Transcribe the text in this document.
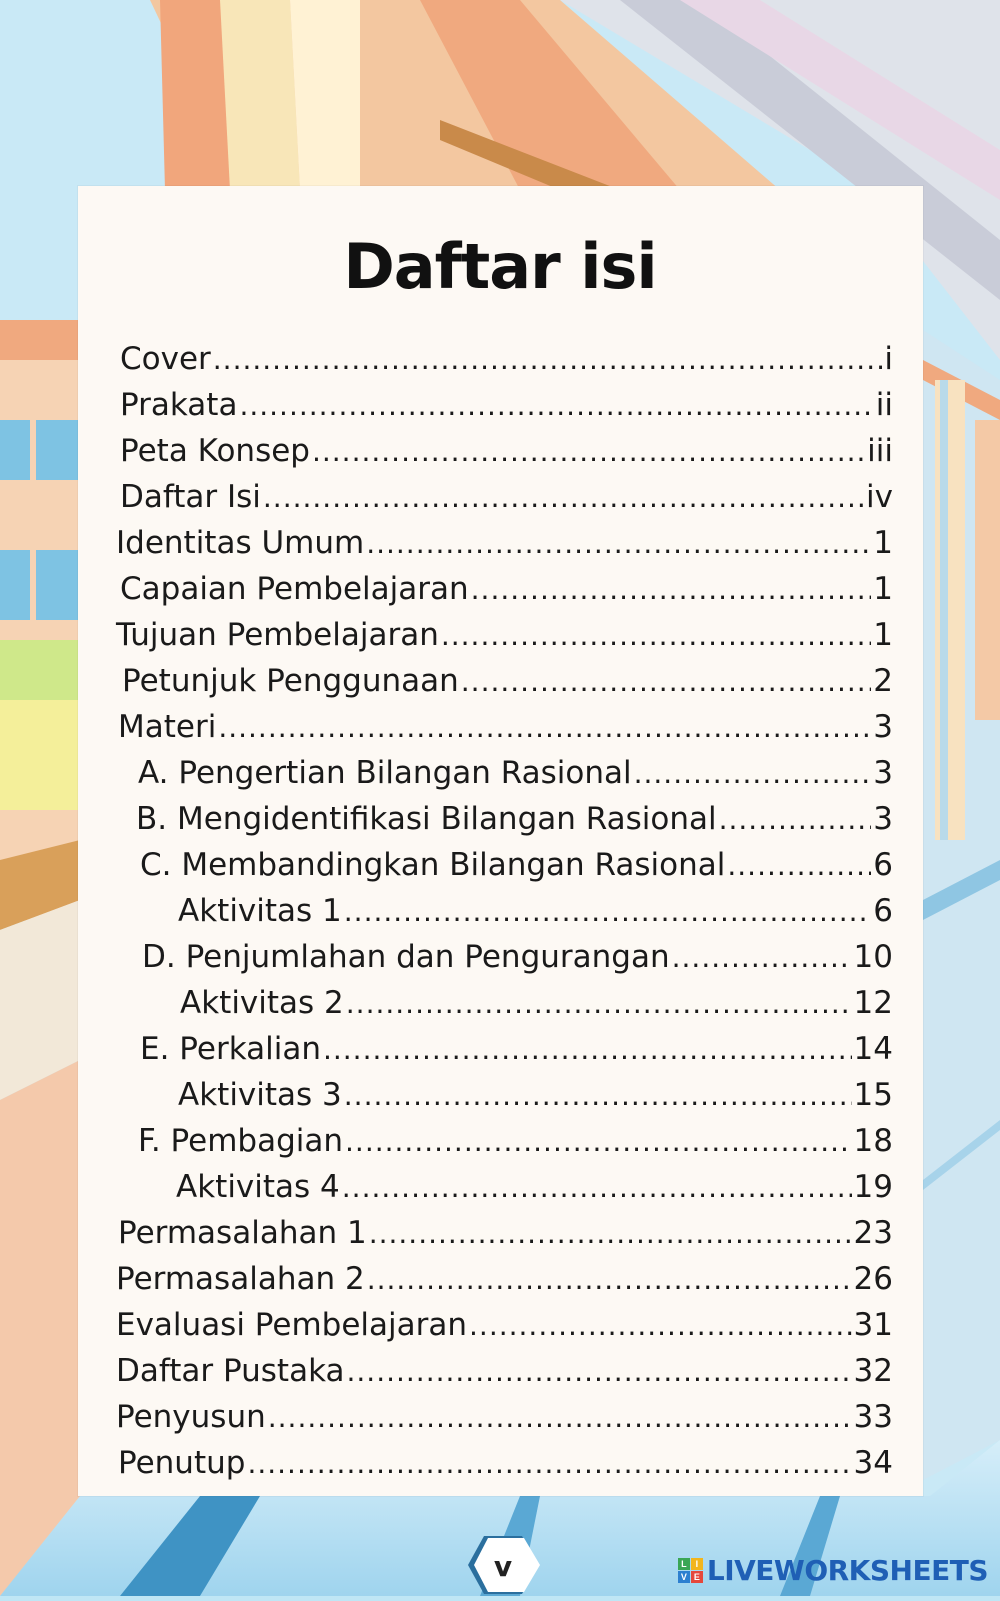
Daftar isi
Cover .....	i
Prakata .....	ii
Peta Konsep .....	iii
Daftar Isi .....	iv
Identitas Umum .....	1
Capaian Pembelajaran .....	1
Tujuan Pembelajaran .....	1
Petunjuk Penggunaan .....	2
Materi .....	3
A. Pengertian Bilangan Rasional .....	3
B. Mengidentifikasi Bilangan Rasional .....	3
C. Membandingkan Bilangan Rasional .....	6
Aktivitas 1 .....	6
D. Penjumlahan dan Pengurangan .....	10
Aktivitas 2 .....	12
E. Perkalian .....	14
Aktivitas 3 .....	15
F. Pembagian .....	18
Aktivitas 4 .....	19
Permasalahan 1 .....	23
Permasalahan 2 .....	26
Evaluasi Pembelajaran .....	31
Daftar Pustaka .....	32
Penyusun .....	33
Penutup .....	34
v	L I
V E LIVEWORKSHEETS
